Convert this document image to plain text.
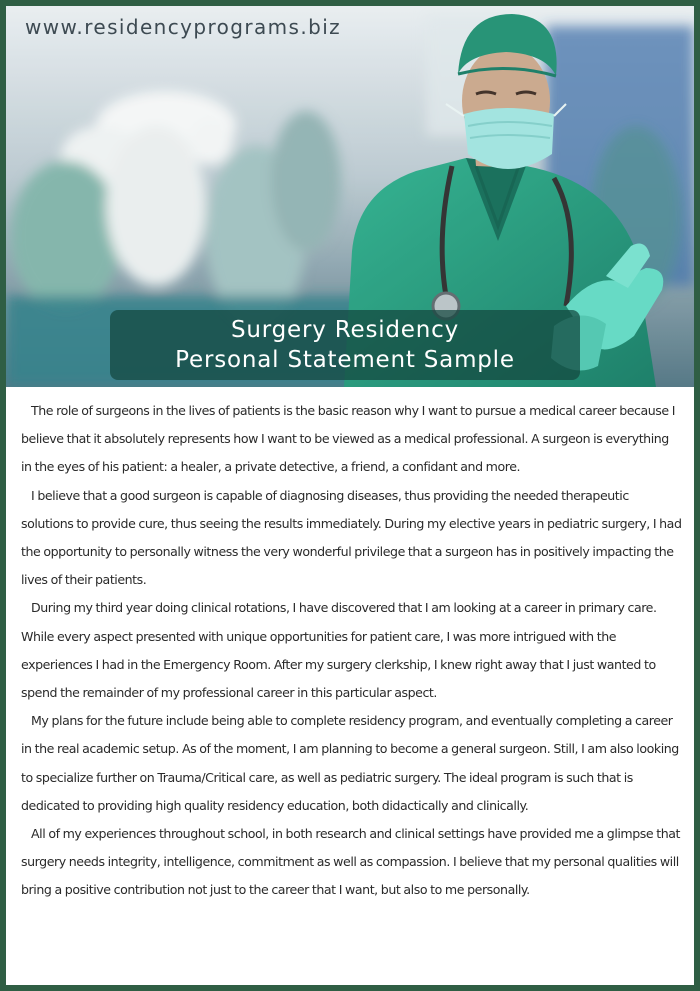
www.residencyprograms.biz
Surgery Residency
Personal Statement Sample

The role of surgeons in the lives of patients is the basic reason why I want to pursue a medical career because I believe that it absolutely represents how I want to be viewed as a medical professional. A surgeon is everything in the eyes of his patient: a healer, a private detective, a friend, a confidant and more.

I believe that a good surgeon is capable of diagnosing diseases, thus providing the needed therapeutic solutions to provide cure, thus seeing the results immediately. During my elective years in pediatric surgery, I had the opportunity to personally witness the very wonderful privilege that a surgeon has in positively impacting the lives of their patients.

During my third year doing clinical rotations, I have discovered that I am looking at a career in primary care. While every aspect presented with unique opportunities for patient care, I was more intrigued with the experiences I had in the Emergency Room. After my surgery clerkship, I knew right away that I just wanted to spend the remainder of my professional career in this particular aspect.

My plans for the future include being able to complete residency program, and eventually completing a career in the real academic setup. As of the moment, I am planning to become a general surgeon. Still, I am also looking to specialize further on Trauma/Critical care, as well as pediatric surgery. The ideal program is such that is dedicated to providing high quality residency education, both didactically and clinically.

All of my experiences throughout school, in both research and clinical settings have provided me a glimpse that surgery needs integrity, intelligence, commitment as well as compassion. I believe that my personal qualities will bring a positive contribution not just to the career that I want, but also to me personally.
